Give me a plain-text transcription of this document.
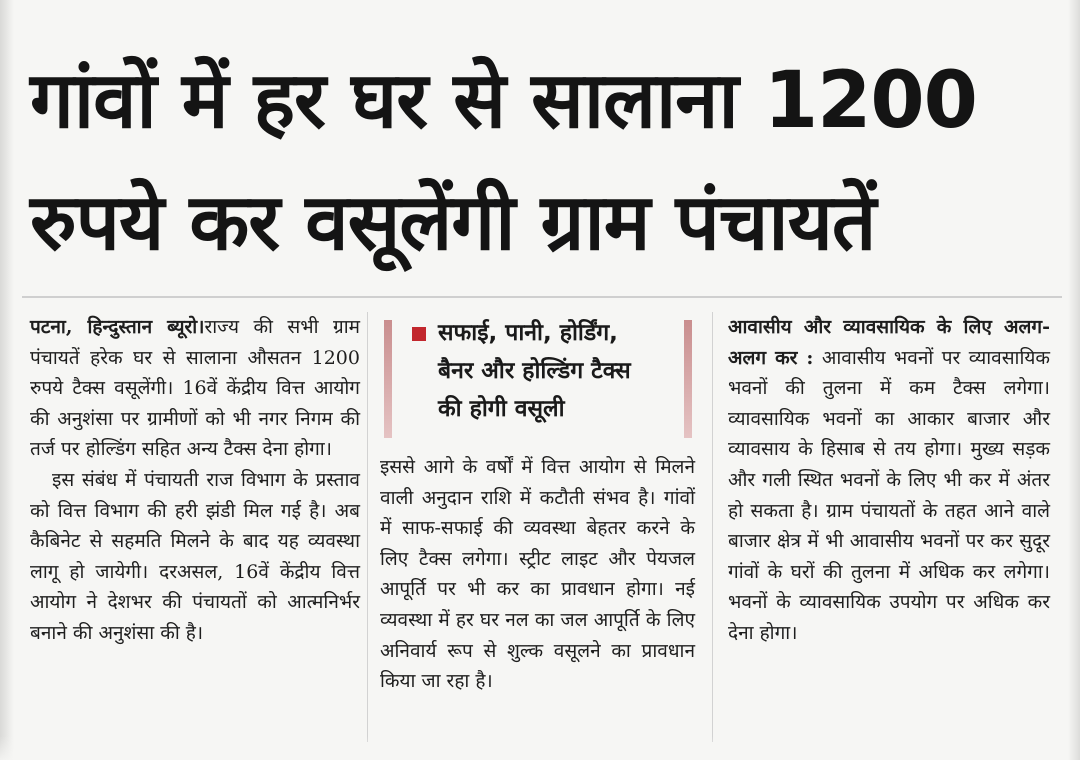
गांवों में हर घर से सालाना 1200
रुपये कर वसूलेंगी ग्राम पंचायतें

पटना, हिन्दुस्तान ब्यूरो।राज्य की सभी ग्राम पंचायतें हरेक घर से सालाना औसतन 1200 रुपये टैक्स वसूलेंगी। 16वें केंद्रीय वित्त आयोग की अनुशंसा पर ग्रामीणों को भी नगर निगम की तर्ज पर होल्डिंग सहित अन्य टैक्स देना होगा।

इस संबंध में पंचायती राज विभाग के प्रस्ताव को वित्त विभाग की हरी झंडी मिल गई है। अब कैबिनेट से सहमति मिलने के बाद यह व्यवस्था लागू हो जायेगी। दरअसल, 16वें केंद्रीय वित्त आयोग ने देशभर की पंचायतों को आत्मनिर्भर बनाने की अनुशंसा की है।

सफाई, पानी, होर्डिंग,
बैनर और होल्डिंग टैक्स
की होगी वसूली

इससे आगे के वर्षों में वित्त आयोग से मिलने वाली अनुदान राशि में कटौती संभव है। गांवों में साफ-सफाई की व्यवस्था बेहतर करने के लिए टैक्स लगेगा। स्ट्रीट लाइट और पेयजल आपूर्ति पर भी कर का प्रावधान होगा। नई व्यवस्था में हर घर नल का जल आपूर्ति के लिए अनिवार्य रूप से शुल्क वसूलने का प्रावधान किया जा रहा है।

आवासीय और व्यावसायिक के लिए अलग-अलग कर : आवासीय भवनों पर व्यावसायिक भवनों की तुलना में कम टैक्स लगेगा। व्यावसायिक भवनों का आकार बाजार और व्यावसाय के हिसाब से तय होगा। मुख्य सड़क और गली स्थित भवनों के लिए भी कर में अंतर हो सकता है। ग्राम पंचायतों के तहत आने वाले बाजार क्षेत्र में भी आवासीय भवनों पर कर सुदूर गांवों के घरों की तुलना में अधिक कर लगेगा। भवनों के व्यावसायिक उपयोग पर अधिक कर देना होगा।
